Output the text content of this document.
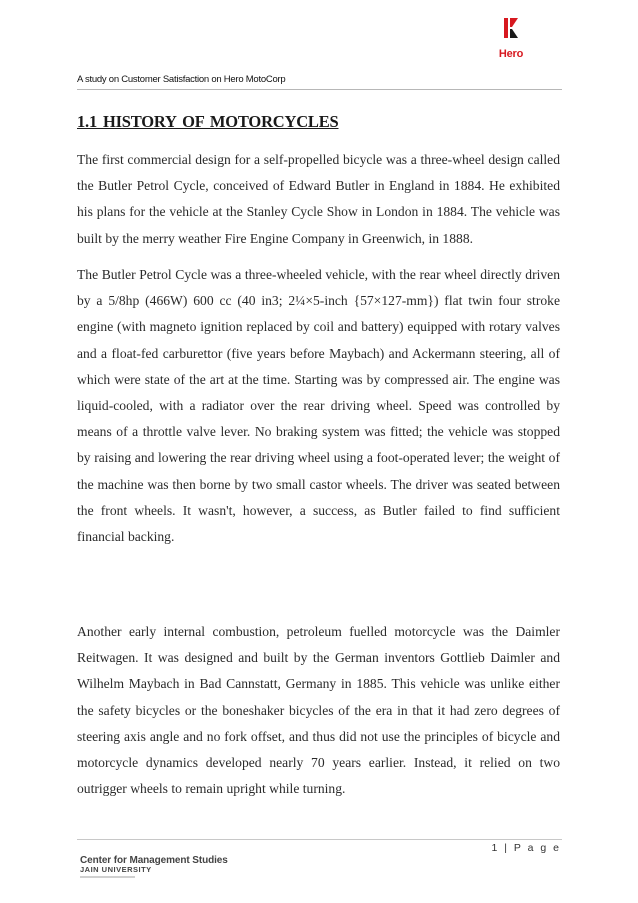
Hero
A study on Customer Satisfaction on Hero MotoCorp
1.1 HISTORY OF MOTORCYCLES

The first commercial design for a self-propelled bicycle was a three-wheel design called the Butler Petrol Cycle, conceived of Edward Butler in England in 1884. He exhibited his plans for the vehicle at the Stanley Cycle Show in London in 1884. The vehicle was built by the merry weather Fire Engine Company in Greenwich, in 1888.

The Butler Petrol Cycle was a three-wheeled vehicle, with the rear wheel directly driven by a 5/8hp (466W) 600 cc (40 in3; 2¼×5-inch {57×127-mm}) flat twin four stroke engine (with magneto ignition replaced by coil and battery) equipped with rotary valves and a float-fed carburettor (five years before Maybach) and Ackermann steering, all of which were state of the art at the time. Starting was by compressed air. The engine was liquid-cooled, with a radiator over the rear driving wheel. Speed was controlled by means of a throttle valve lever. No braking system was fitted; the vehicle was stopped by raising and lowering the rear driving wheel using a foot-operated lever; the weight of the machine was then borne by two small castor wheels. The driver was seated between the front wheels. It wasn't, however, a success, as Butler failed to find sufficient financial backing.

Another early internal combustion, petroleum fuelled motorcycle was the Daimler Reitwagen. It was designed and built by the German inventors Gottlieb Daimler and Wilhelm Maybach in Bad Cannstatt, Germany in 1885. This vehicle was unlike either the safety bicycles or the boneshaker bicycles of the era in that it had zero degrees of steering axis angle and no fork offset, and thus did not use the principles of bicycle and motorcycle dynamics developed nearly 70 years earlier. Instead, it relied on two outrigger wheels to remain upright while turning.

1 | P a g e
Center for Management Studies
JAIN UNIVERSITY
